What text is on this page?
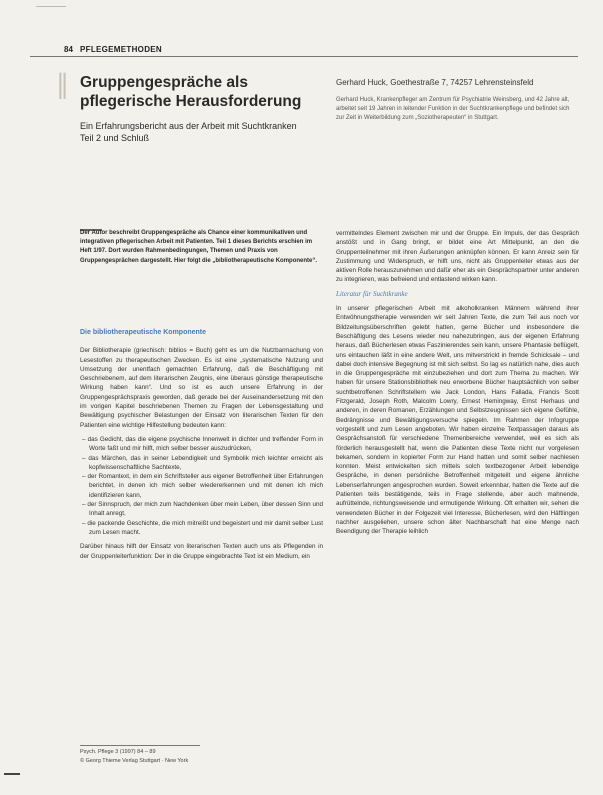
84 PFLEGEMETHODEN
‖ Gruppengespräche als pflegerische Herausforderung
Ein Erfahrungsbericht aus der Arbeit mit Suchtkranken Teil 2 und Schluß
Gerhard Huck, Goethestraße 7, 74257 Lehrensteinsfeld
Gerhard Huck, Krankenpfleger am Zentrum für Psychiatrie Weinsberg, und 42 Jahre alt, arbeitet seit 19 Jahren in leitender Funktion in der Suchtkrankenpflege und befindet sich zur Zeit in Weiterbildung zum „Soziotherapeuten“ in Stuttgart.
Der Autor beschreibt Gruppengespräche als Chance einer kommunikativen und integrativen pflegerischen Arbeit mit Patienten. Teil 1 dieses Berichts erschien im Heft 1/97. Dort wurden Rahmenbedingungen, Themen und Praxis von Gruppengesprächen dargestellt. Hier folgt die „bibliotherapeutische Komponente“.
Die bibliotherapeutische Komponente

Der Bibliotherapie (griechisch: biblios = Buch) geht es um die Nutzbarmachung von Lesestoffen zu therapeutischen Zwecken. Es ist eine „systematische Nutzung und Umsetzung der unentfach gemachten Erfahrung, daß die Beschäftigung mit Geschriebenem, auf dem literarischen Zeugnis, eine überaus günstige therapeutische Wirkung haben kann“. Und so ist es auch unsere Erfahrung in der Gruppengesprächspraxis geworden, daß gerade bei der Auseinandersetzung mit den im vorigen Kapitel beschriebenen Themen zu Fragen der Lebensgestaltung und Bewältigung psychischer Belastungen der Einsatz von literarischen Texten für den Patienten eine wichtige Hilfestellung bedeuten kann:

– das Gedicht, das die eigene psychische Innenwelt in dichter und treffender Form in Worte faßt und mir hilft, mich selber besser auszudrücken,
– das Märchen, das in seiner Lebendigkeit und Symbolik mich leichter erreicht als kopfwissenschaftliche Sachtexte,
– der Romantext, in dem ein Schriftsteller aus eigener Betroffenheit über Erfahrungen berichtet, in denen ich mich selber wiedererkennen und mit denen ich mich identifizieren kann,
– der Sinnspruch, der mich zum Nachdenken über mein Leben, über dessen Sinn und Inhalt anregt,
– die packende Geschichte, die mich mitreißt und begeistert und mir damit selber Lust zum Lesen macht.

Darüber hinaus hilft der Einsatz von literarischen Texten auch uns als Pflegenden in der Gruppenleiterfunktion: Der in die Gruppe eingebrachte Text ist ein Medium, ein

vermittelndes Element zwischen mir und der Gruppe. Ein Impuls, der das Gespräch anstößt und in Gang bringt, er bildet eine Art Mittelpunkt, an den die Gruppenteilnehmer mit ihren Äußerungen anknüpfen können. Er kann Anreiz sein für Zustimmung und Widerspruch, er hilft uns, nicht als Gruppenleiter etwas aus der aktiven Rolle herauszunehmen und dafür eher als ein Gesprächspartner unter anderen zu integrieren, was befreiend und entlastend wirken kann.

Literatur für Suchtkranke

In unserer pflegerischen Arbeit mit alkoholkranken Männern während ihrer Entwöhnungstherapie verwenden wir seit Jahren Texte, die zum Teil aus noch vor Bildzeitungsüberschriften gelebt hatten, gerne Bücher und insbesondere die Beschäftigung des Lesens wieder neu nahezubringen, aus der eigenen Erfahrung heraus, daß Bücherlesen etwas Faszinierendes sein kann, unsere Phantasie beflügelt, uns eintauchen läßt in eine andere Welt, uns mitverstrickt in fremde Schicksale – und dabei doch intensive Begegnung ist mit sich selbst. So lag es natürlich nahe, dies auch in die Gruppengespräche mit einzubeziehen und dort zum Thema zu machen. Wir haben für unsere Stationsbibliothek neu erworbene Bücher hauptsächlich von selber suchtbetroffenen Schriftstellern wie Jack London, Hans Fallada, Francis Scott Fitzgerald, Joseph Roth, Malcolm Lowry, Ernest Hemingway, Ernst Herhaus und anderen, in deren Romanen, Erzählungen und Selbstzeugnissen sich eigene Gefühle, Bedrängnisse und Bewältigungsversuche spiegeln. Im Rahmen der Infogruppe vorgestellt und zum Lesen angeboten. Wir haben einzelne Textpassagen daraus als Gesprächsanstoß für verschiedene Themenbereiche verwendet, weil es sich als förderlich herausgestellt hat, wenn die Patienten diese Texte nicht nur vorgelesen bekamen, sondern in kopierter Form zur Hand hatten und somit selber nachlesen konnten. Meist entwickelten sich mittels solch textbezogener Arbeit lebendige Gespräche, in denen persönliche Betroffenheit mitgeteilt und eigene ähnliche Lebenserfahrungen angesprochen wurden. Soweit erkennbar, hatten die Texte auf die Patienten teils bestätigende, teils in Frage stellende, aber auch mahnende, aufrüttelnde, richtungsweisende und ermutigende Wirkung. Oft erhalten wir, sehen die verwendeten Bücher in der Folgezeit viel Interesse, Bücherlesen, wird den Häftlingen nachher ausgeliehen, unsere schon älter Nachbarschaft hat eine Menge nach Beendigung der Therapie leihlich

Psych. Pflege 3 (1997) 84 – 89
© Georg Thieme Verlag Stuttgart · New York
